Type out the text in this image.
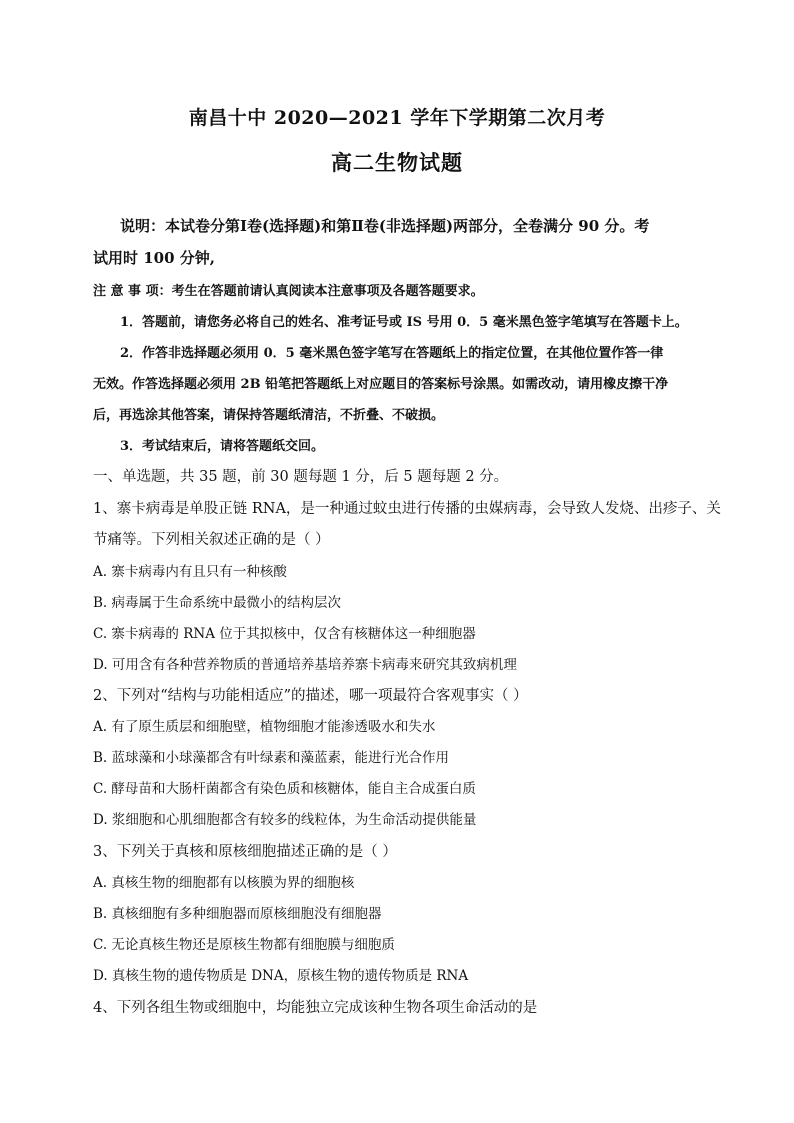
南昌十中 2020—2021 学年下学期第二次月考
高二生物试题
说明：本试卷分第Ⅰ卷(选择题)和第Ⅱ卷(非选择题)两部分，全卷满分 90 分。考
试用时 100 分钟,
注 意 事 项：考生在答题前请认真阅读本注意事项及各题答题要求。
1．答题前，请您务必将自己的姓名、准考证号或 IS 号用 0．5 毫米黑色签字笔填写在答题卡上。
2．作答非选择题必须用 0．5 毫米黑色签字笔写在答题纸上的指定位置，在其他位置作答一律
无效。作答选择题必须用 2B 铅笔把答题纸上对应题目的答案标号涂黑。如需改动，请用橡皮擦干净
后，再选涂其他答案，请保持答题纸清洁，不折叠、不破损。
3．考试结束后，请将答题纸交回。
一、单选题，共 35 题，前 30 题每题 1 分，后 5 题每题 2 分。
1、寨卡病毒是单股正链 RNA，是一种通过蚊虫进行传播的虫媒病毒，会导致人发烧、出疹子、关
节痛等。下列相关叙述正确的是（ ）
A. 寨卡病毒内有且只有一种核酸
B. 病毒属于生命系统中最微小的结构层次
C. 寨卡病毒的 RNA 位于其拟核中，仅含有核糖体这一种细胞器
D. 可用含有各种营养物质的普通培养基培养寨卡病毒来研究其致病机理
2、下列对“结构与功能相适应”的描述，哪一项最符合客观事实（ ）
A. 有了原生质层和细胞壁，植物细胞才能渗透吸水和失水
B. 蓝球藻和小球藻都含有叶绿素和藻蓝素，能进行光合作用
C. 酵母苗和大肠杆菌都含有染色质和核糖体，能自主合成蛋白质
D. 浆细胞和心肌细胞都含有较多的线粒体，为生命活动提供能量
3、下列关于真核和原核细胞描述正确的是（ ）
A. 真核生物的细胞都有以核膜为界的细胞核
B. 真核细胞有多种细胞器而原核细胞没有细胞器
C. 无论真核生物还是原核生物都有细胞膜与细胞质
D. 真核生物的遗传物质是 DNA，原核生物的遗传物质是 RNA
4、下列各组生物或细胞中，均能独立完成该种生物各项生命活动的是
